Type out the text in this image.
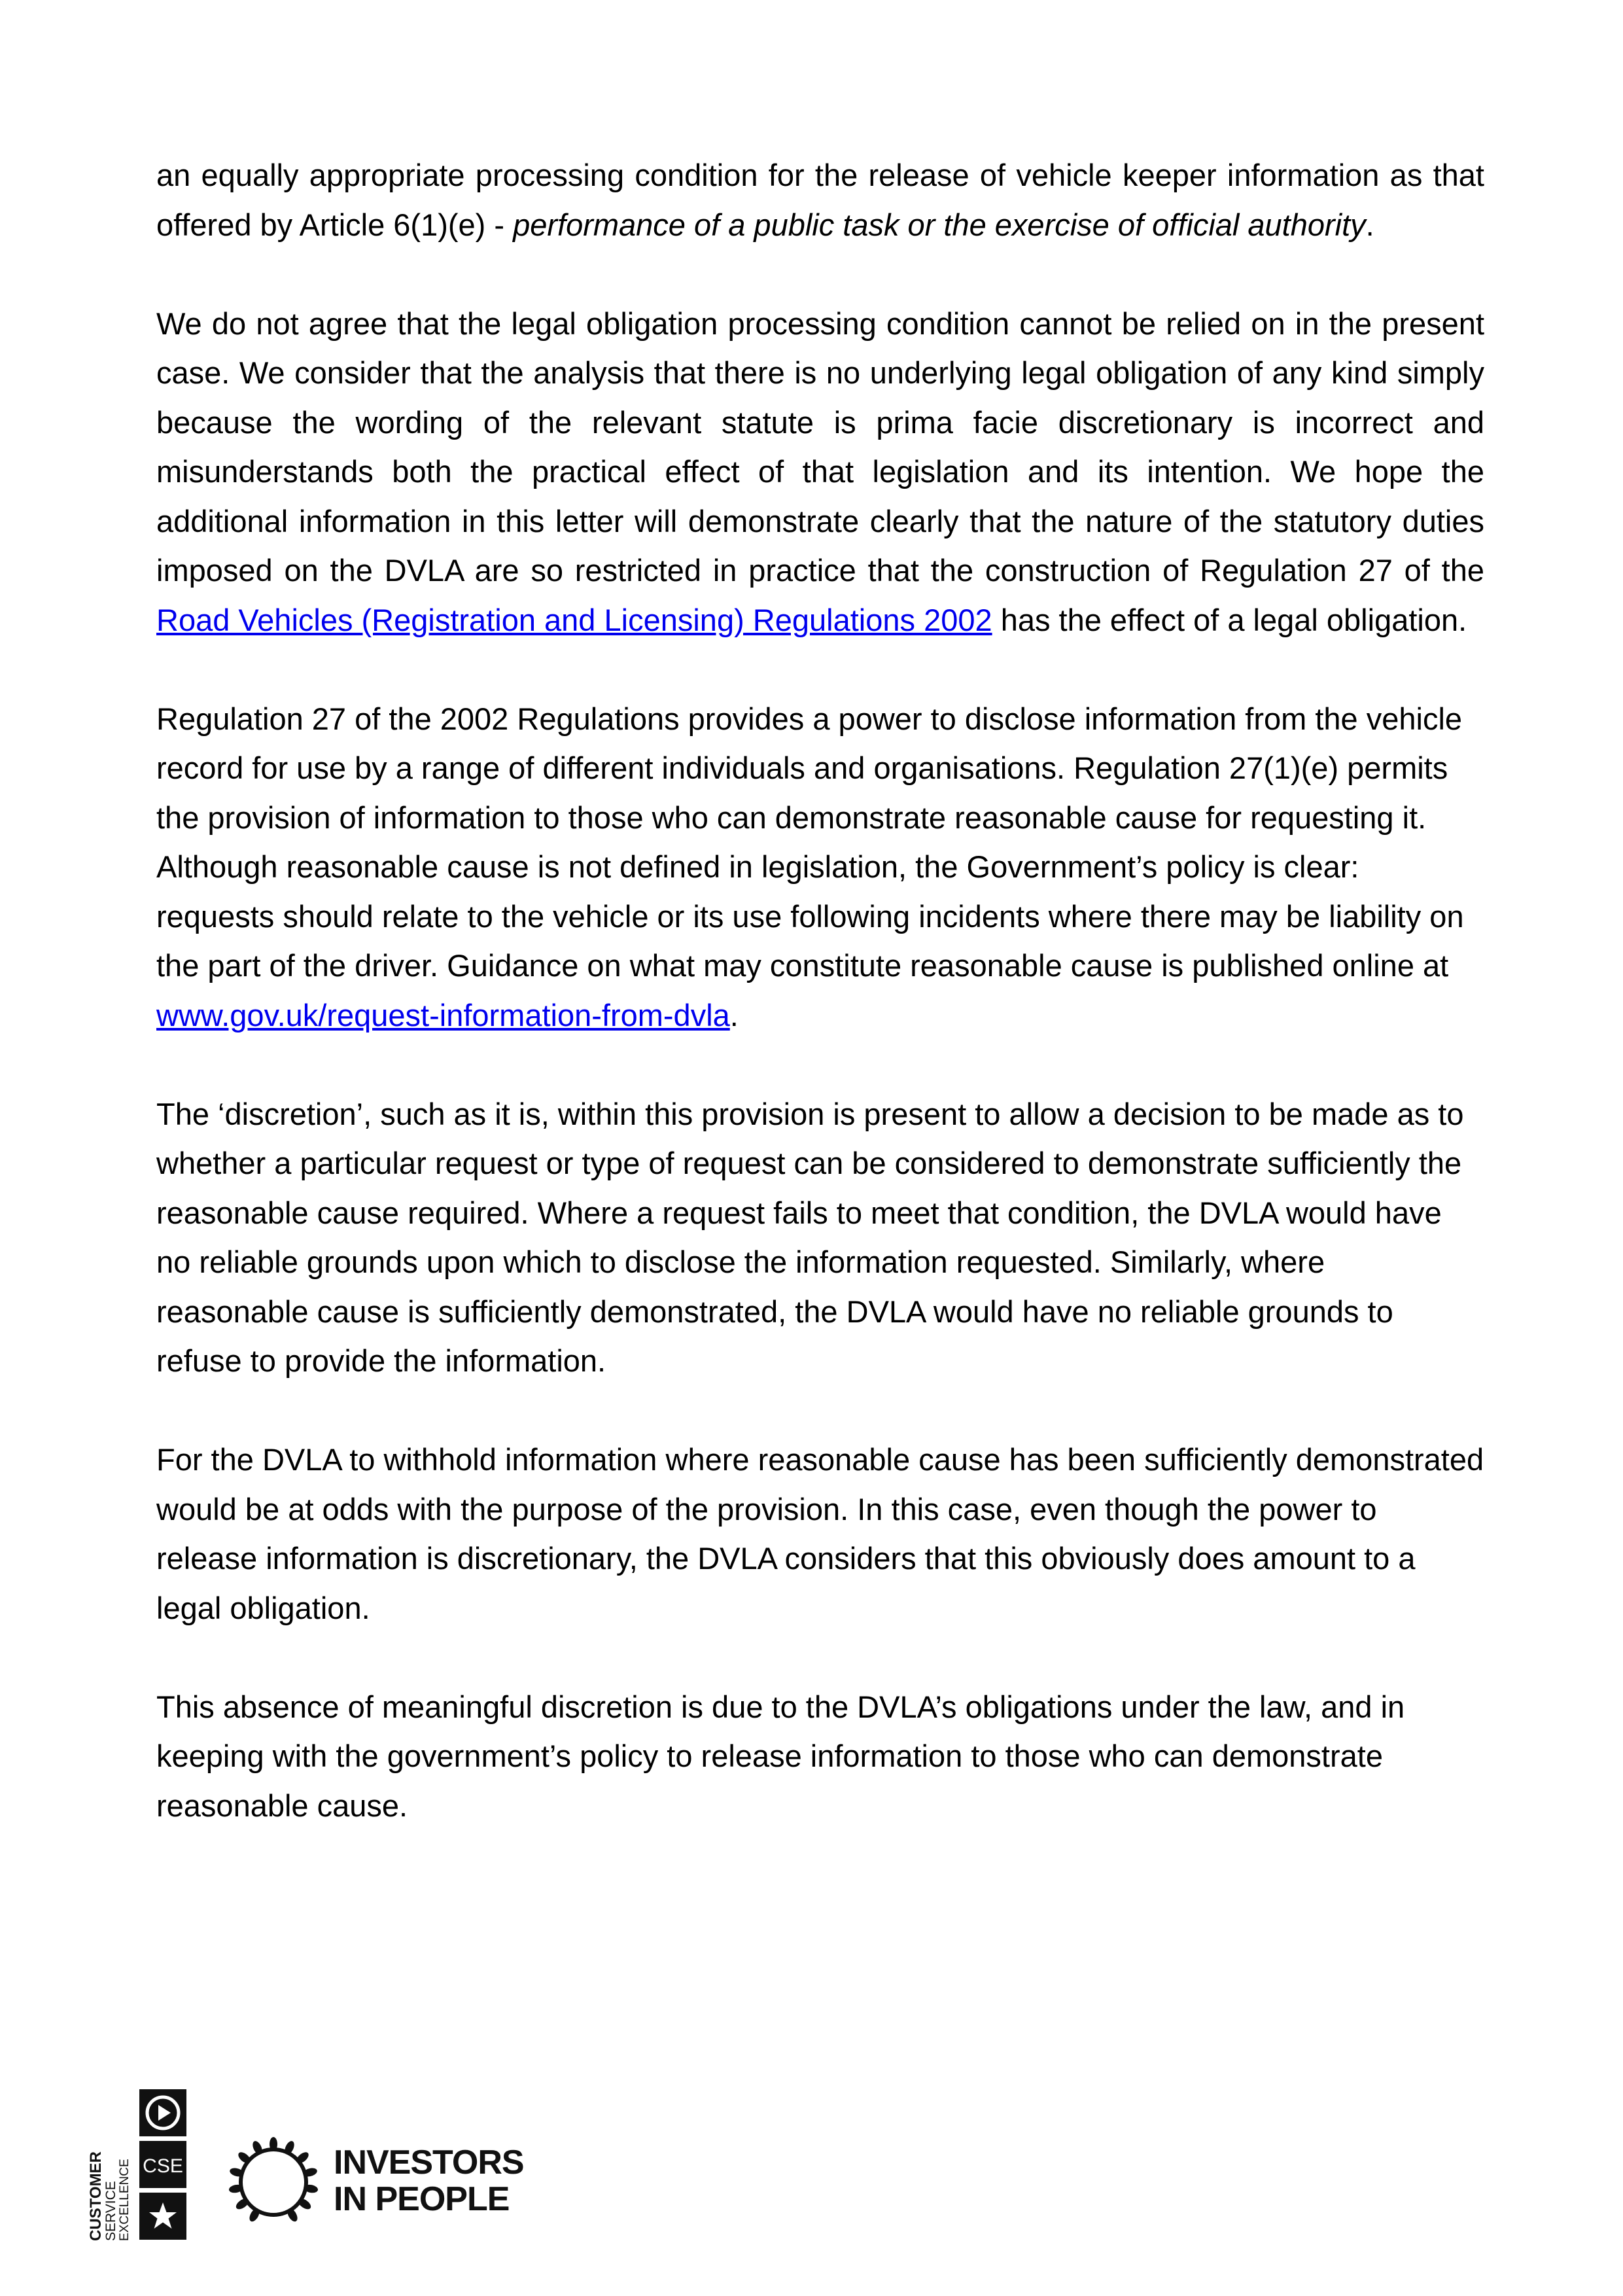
an equally appropriate processing condition for the release of vehicle keeper information as that offered by Article 6(1)(e) - performance of a public task or the exercise of official authority.

We do not agree that the legal obligation processing condition cannot be relied on in the present case. We consider that the analysis that there is no underlying legal obligation of any kind simply because the wording of the relevant statute is prima facie discretionary is incorrect and misunderstands both the practical effect of that legislation and its intention. We hope the additional information in this letter will demonstrate clearly that the nature of the statutory duties imposed on the DVLA are so restricted in practice that the construction of Regulation 27 of the Road Vehicles (Registration and Licensing) Regulations 2002 has the effect of a legal obligation.

Regulation 27 of the 2002 Regulations provides a power to disclose information from the vehicle record for use by a range of different individuals and organisations. Regulation 27(1)(e) permits the provision of information to those who can demonstrate reasonable cause for requesting it. Although reasonable cause is not defined in legislation, the Government’s policy is clear: requests should relate to the vehicle or its use following incidents where there may be liability on the part of the driver. Guidance on what may constitute reasonable cause is published online at www.gov.uk/request-information-from-dvla.

The ‘discretion’, such as it is, within this provision is present to allow a decision to be made as to whether a particular request or type of request can be considered to demonstrate sufficiently the reasonable cause required. Where a request fails to meet that condition, the DVLA would have no reliable grounds upon which to disclose the information requested. Similarly, where reasonable cause is sufficiently demonstrated, the DVLA would have no reliable grounds to refuse to provide the information.

For the DVLA to withhold information where reasonable cause has been sufficiently demonstrated would be at odds with the purpose of the provision. In this case, even though the power to release information is discretionary, the DVLA considers that this obviously does amount to a legal obligation.

This absence of meaningful discretion is due to the DVLA’s obligations under the law, and in keeping with the government’s policy to release information to those who can demonstrate reasonable cause.

CUSTOMER
SERVICE EXCELLENCE CSE	INVESTORS
IN PEOPLE
